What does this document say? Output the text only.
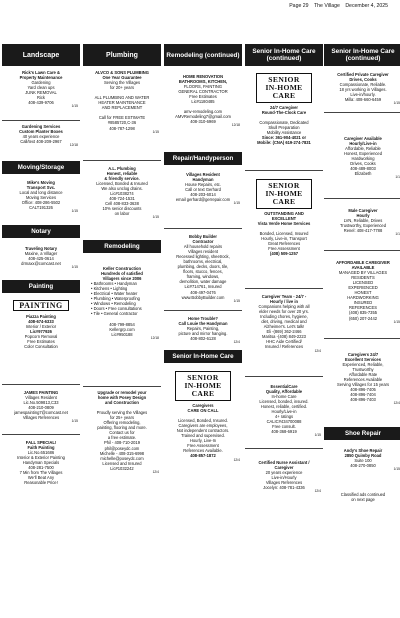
Page 29 The Village December 4, 2025
Landscape	Plumbing	Remodeling (continued)	Senior In-Home Care (continued)
Senior In-Home Care (continued)
Rick's Lawn Care &
Property Maintenance
Gardening
Yard clean ups
JUNK REMOVAL
Rick
408-439-9706
1/15
Gardening Services
Custom Planter Boxes
40 years experience
Call/text 408-209-2967
12/18
Moving/Storage
Mike's Moving
Transport Svc.
Local and long distance
Moving Services
Office: 408-286-5502
CALT191326
1/15
Notary
Traveling Notary
Maxine, a Villager
408-425-0614
drmaxx@comcast.net
1/15
Painting
PAINTING
Piazza Painting
408-674-6333
Interior / Exterior
Lic#977926
Popcorn Removal
Free Estimates
Color Consultation
JAMES PAINTING
Villages Resident
Lic.No.509813,C33
408-210-0809
jamespainting7@comcast.net
Villages References
1/15
FALL SPECIAL!
Faith Painting
Lic.No.651686
Interior & Exterior Painting
Handyman Specials
408-281-7500
7 Min from The Villages
We'll Beat Any
Reasonable Price!
ALVCO & SONS PLUMBING
One Year Guarantee
Serving the Villages
for 20+ years

ALL PLUMBING AND WATER
HEATER MAINTENANCE
AND REPLACEMENT

Call for FREE ESTIMATE
#8585720,C-36
408-787-1298
1/15
A.L. Plumbing
Honest, reliable
& friendly service.
Licensed, Bonded & Insured
We also unclog drains.
Lic#1038274
408-724-1531
Cell 408-833-3638
10% senior discounts
on labor
1/15
Remodeling
Keller Construction
Hundreds of satisfied
Villagers since 2006
• Bathrooms • Handyman
• Kitchens • Lighting
• Electrical • Water heater
• Plumbing • Waterproofing
• Windows • Remodeling
• Doors • Free consultations
• Tile • General contractor

408-799-8854
Kellergrp.com
Lic#950188
12/18
Upgrade or remodel your
home with Posey Design
and Construction

Proudly serving the Villages
for 25+ years
Offering remodeling,
painting, flooring and more.
Contact us for
a free estimate.
Phil - 408-710-2019
phil@poseydc.com
Michelle - 408-315-6998
michelle@poseydc.com
Licensed and Insured
Lic#1032242
12/4
HOME RENOVATION
BATHROOMS, KITCHEN,
FLOORS, PAINTING
GENERAL CONTRACTOR
Free Estimates
Lic#1180485

amv-remodeling.com
AMVRemodeling7@gmail.com
408-310-6969
12/18
Repair/Handyperson
Villages Resident
Handyman
House Repairs, etc.
Call or text Gerhard
408-203-6014
email gerhard@gerrepair.com
1/15
Bobby Builder
Contractor
All household repairs
Villages resident
Recessed lighting, sheetrock,
bathrooms, electrical,
plumbing, decks, doors, tile,
floors, stucco, fences,
framing, windows,
demolition, water damage
Lic#714761, Insured
408-497-0476
www.BobbyBuilder.com
1/15
Home Trouble?
Call Louie the Handyman
Repairs, Painting,
picture and mirror hanging.
408-802-6128
12/4
Senior In-Home Care
SENIOR
IN-HOME CARE
Caregivers
CARE ON CALL

Licensed, Bonded, Insured.
Caregivers are employees,
Not independent contractors.
Trained and supervised.
Hourly, Live-In
Free Assessment
References Available.
408-857-1872
12/4
SENIOR
IN-HOME CARE
24/7 Caregiver
Round-The-Clock Care

Compassionate, Dedicated
Skull Preparation
Mobility Assistance
Since: 361-904-4021 or
Mobile: (CNA) 619-274-7831
SENIOR
IN-HOME CARE
OUTSTANDING AND
EXCELLENT
Vista Verde Home Services

Bonded, Licensed, Insured
Hourly, Live-in, Transport
Great References
Free Assessment
(408) 509-1257
Caregiver Team - 24/7 -
Hourly / live in
Companions helping with all
elder needs for over 20 yrs.
Including chores, hygiene,
diet, driving, medical and
Alzheimer's. Let's talk!
Eli -(869) 362-2466
Maritsa -(408) 849-2223
HHC Aide Certified/
Insured / References
12/4
EssentialCare
Quality, Affordable
In-home Care
Licensed, bonded, insured.
Honest, reliable, certified.
Hourly/Live-in
4+ ratings
CALIC#434700088
Free consult.
408-368-6919
1/15
Certified Nurse Assistant /
Caregiver
20 years experience
Live-in/Hourly
Villages References
Jocelyn: 408-781-4336
12/4
Certified Private Caregiver
Drives, Cooks
Compassionate, Reliable.
18 yrs working in Villages.
Live-in/hourly.
Milla: 408-660-6459
1/15
Caregiver Available
Hourly/Live-in
Affordable, Reliable
Honest, Experienced
Hardworking
Drives, Cooks
408-489-8003
Elizabeth
1/1
Male Caregiver
Hourly
LVN, Reliable, Drives
Trustworthy, Experienced
Renel: 408-417-7788
1/1
AFFORDABLE CAREGIVER
AVAILABLE
MANAGED BY VILLAGES
RESIDENTS
LICENSED
EXPERIENCED
HONEST
HARDWORKING
INSURED
REFERENCES
(408) 835-7355
(650) 207-2442
1/15
Caregivers 24/7
Excellent Services
Experienced, Reliable,
Trustworthy
Affordable Rate
References Available
Serving Villages for 15 years
408-896-7405
408-896-7404
408-896-7403
12/4
Shoe Repair
Andy's Shoe Repair
2850 Quimby Road
Suite 100
408-270-0850
1/15
Classified ads continued
on next page
